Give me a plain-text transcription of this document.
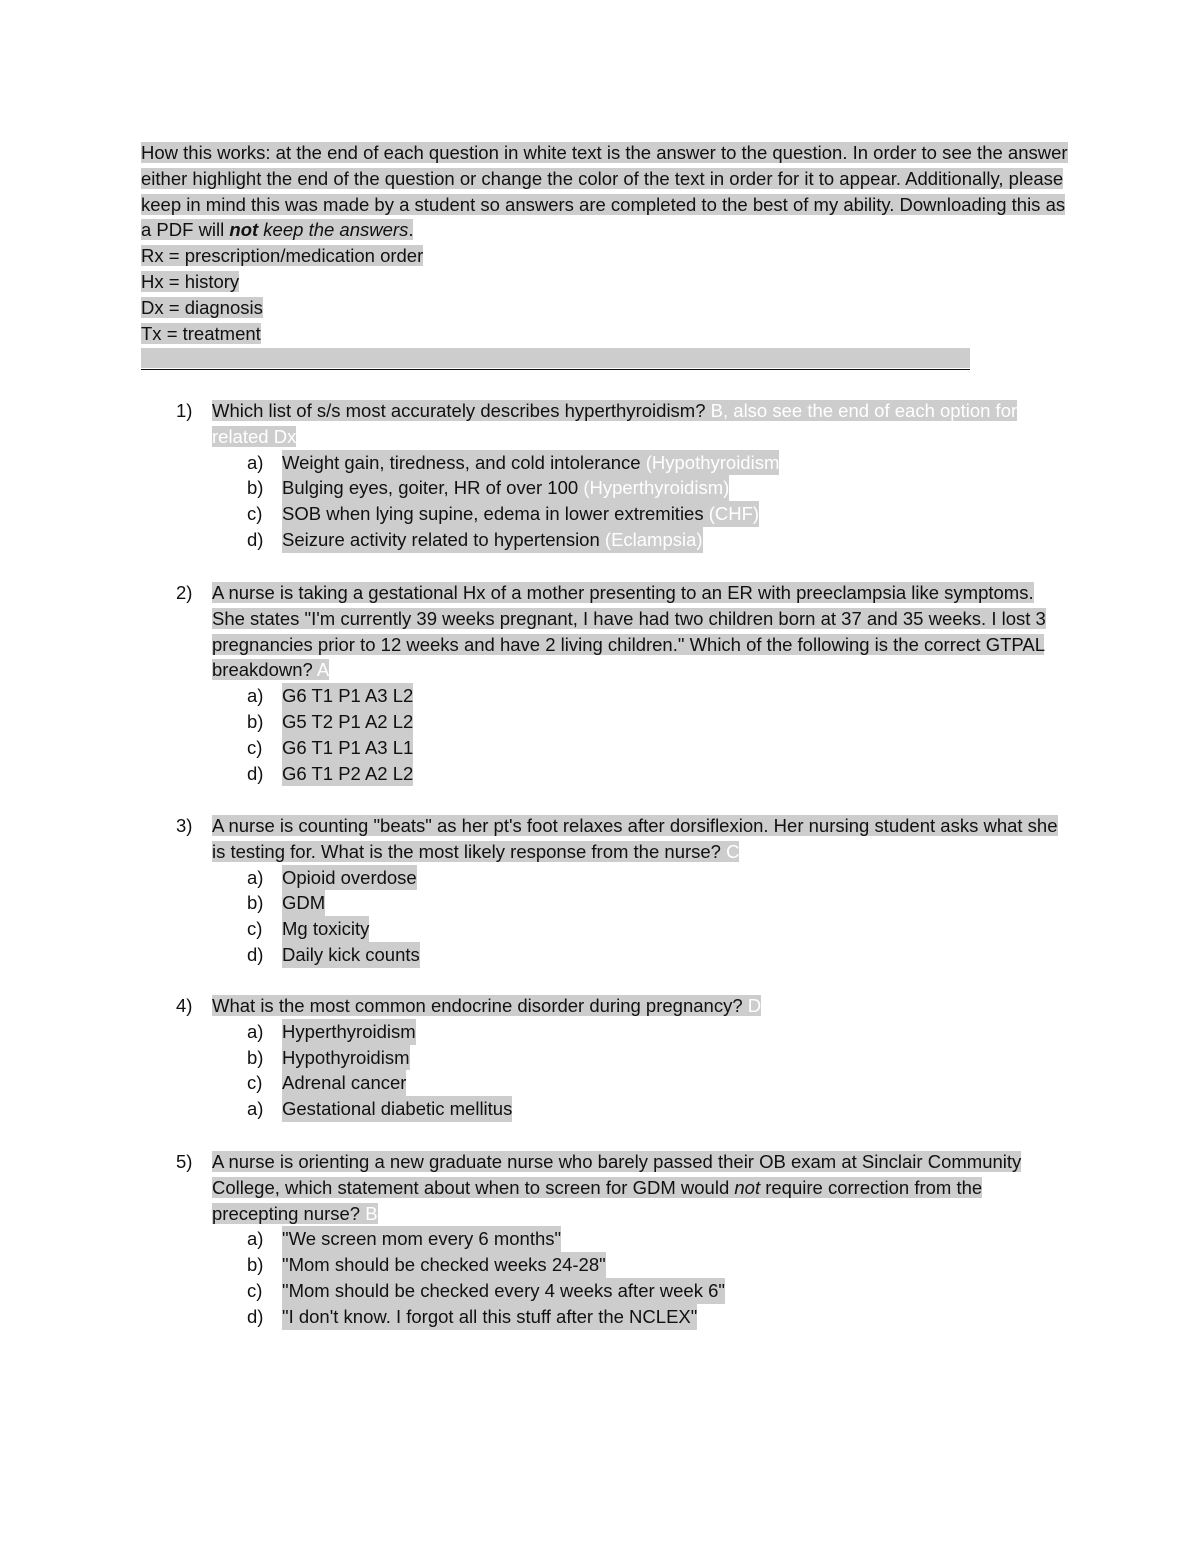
How this works: at the end of each question in white text is the answer to the question. In order to see the answer either highlight the end of the question or change the color of the text in order for it to appear. Additionally, please keep in mind this was made by a student so answers are completed to the best of my ability. Downloading this as a PDF will not keep the answers.

Rx = prescription/medication order
Hx = history
Dx = diagnosis
Tx = treatment
1) Which list of s/s most accurately describes hyperthyroidism? B, also see the end of each option for related Dx
a) Weight gain, tiredness, and cold intolerance (Hypothyroidism
b) Bulging eyes, goiter, HR of over 100 (Hyperthyroidism)
c) SOB when lying supine, edema in lower extremities (CHF)
d) Seizure activity related to hypertension (Eclampsia)
2) A nurse is taking a gestational Hx of a mother presenting to an ER with preeclampsia like symptoms. She states "I'm currently 39 weeks pregnant, I have had two children born at 37 and 35 weeks. I lost 3 pregnancies prior to 12 weeks and have 2 living children." Which of the following is the correct GTPAL breakdown? A
a) G6 T1 P1 A3 L2
b) G5 T2 P1 A2 L2
c) G6 T1 P1 A3 L1
d) G6 T1 P2 A2 L2
3) A nurse is counting "beats" as her pt's foot relaxes after dorsiflexion. Her nursing student asks what she is testing for. What is the most likely response from the nurse? C
a) Opioid overdose
b) GDM
c) Mg toxicity
d) Daily kick counts
4) What is the most common endocrine disorder during pregnancy? D
a) Hyperthyroidism
b) Hypothyroidism
c) Adrenal cancer
a) Gestational diabetic mellitus
5) A nurse is orienting a new graduate nurse who barely passed their OB exam at Sinclair Community College, which statement about when to screen for GDM would not require correction from the precepting nurse? B
a) "We screen mom every 6 months"
b) "Mom should be checked weeks 24-28"
c) "Mom should be checked every 4 weeks after week 6"
d) "I don't know. I forgot all this stuff after the NCLEX"
